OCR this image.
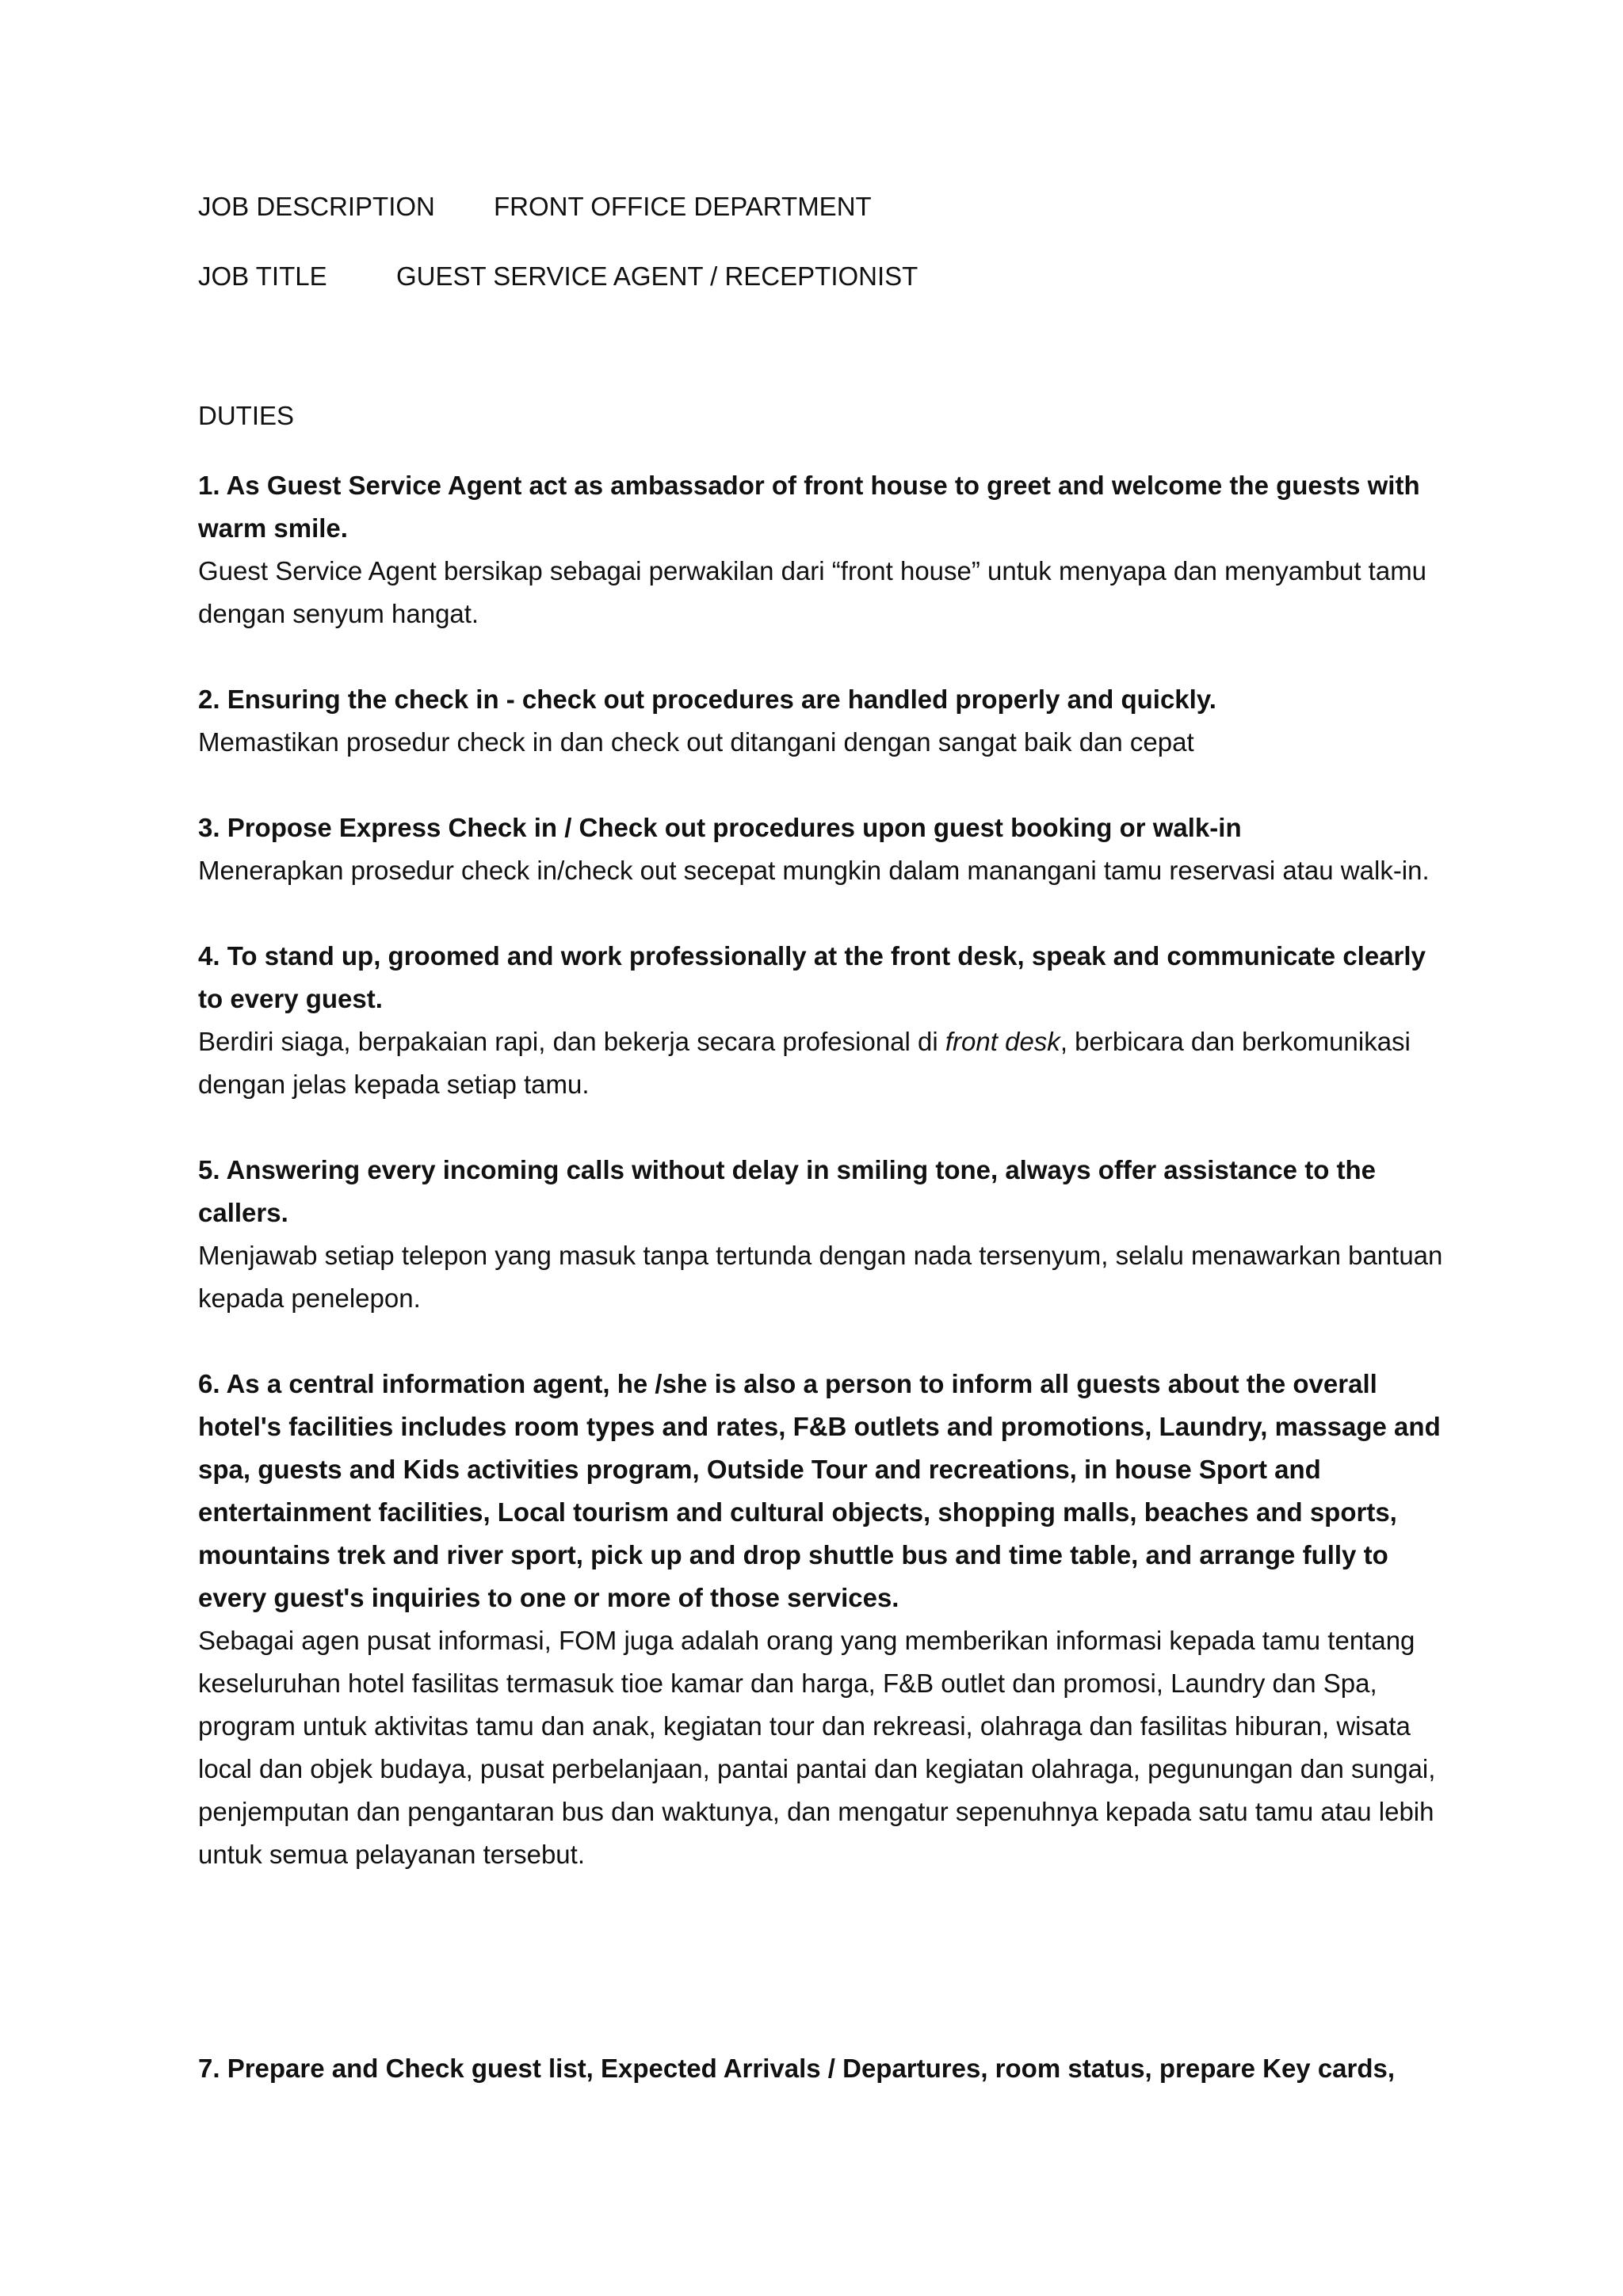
JOB DESCRIPTION FRONT OFFICE DEPARTMENT
JOB TITLE	GUEST SERVICE AGENT / RECEPTIONIST
DUTIES
1. As Guest Service Agent act as ambassador of front house to greet and welcome the guests with warm smile.
Guest Service Agent bersikap sebagai perwakilan dari “front house” untuk menyapa dan menyambut tamu dengan senyum hangat.
2. Ensuring the check in - check out procedures are handled properly and quickly.
Memastikan prosedur check in dan check out ditangani dengan sangat baik dan cepat
3. Propose Express Check in / Check out procedures upon guest booking or walk-in
Menerapkan prosedur check in/check out secepat mungkin dalam manangani tamu reservasi atau walk-in.
4. To stand up, groomed and work professionally at the front desk, speak and communicate clearly to every guest.
Berdiri siaga, berpakaian rapi, dan bekerja secara profesional di front desk, berbicara dan berkomunikasi dengan jelas kepada setiap tamu.
5. Answering every incoming calls without delay in smiling tone, always offer assistance to the callers.
Menjawab setiap telepon yang masuk tanpa tertunda dengan nada tersenyum, selalu menawarkan bantuan kepada penelepon.
6. As a central information agent, he /she is also a person to inform all guests about the overall hotel's facilities includes room types and rates, F&B outlets and promotions, Laundry, massage and spa, guests and Kids activities program, Outside Tour and recreations, in house Sport and entertainment facilities, Local tourism and cultural objects, shopping malls, beaches and sports, mountains trek and river sport, pick up and drop shuttle bus and time table, and arrange fully to every guest's inquiries to one or more of those services.
Sebagai agen pusat informasi, FOM juga adalah orang yang memberikan informasi kepada tamu tentang keseluruhan hotel fasilitas termasuk tioe kamar dan harga, F&B outlet dan promosi, Laundry dan Spa, program untuk aktivitas tamu dan anak, kegiatan tour dan rekreasi, olahraga dan fasilitas hiburan, wisata local dan objek budaya, pusat perbelanjaan, pantai pantai dan kegiatan olahraga, pegunungan dan sungai, penjemputan dan pengantaran bus dan waktunya, dan mengatur sepenuhnya kepada satu tamu atau lebih untuk semua pelayanan tersebut.
7. Prepare and Check guest list, Expected Arrivals / Departures, room status, prepare Key cards,
